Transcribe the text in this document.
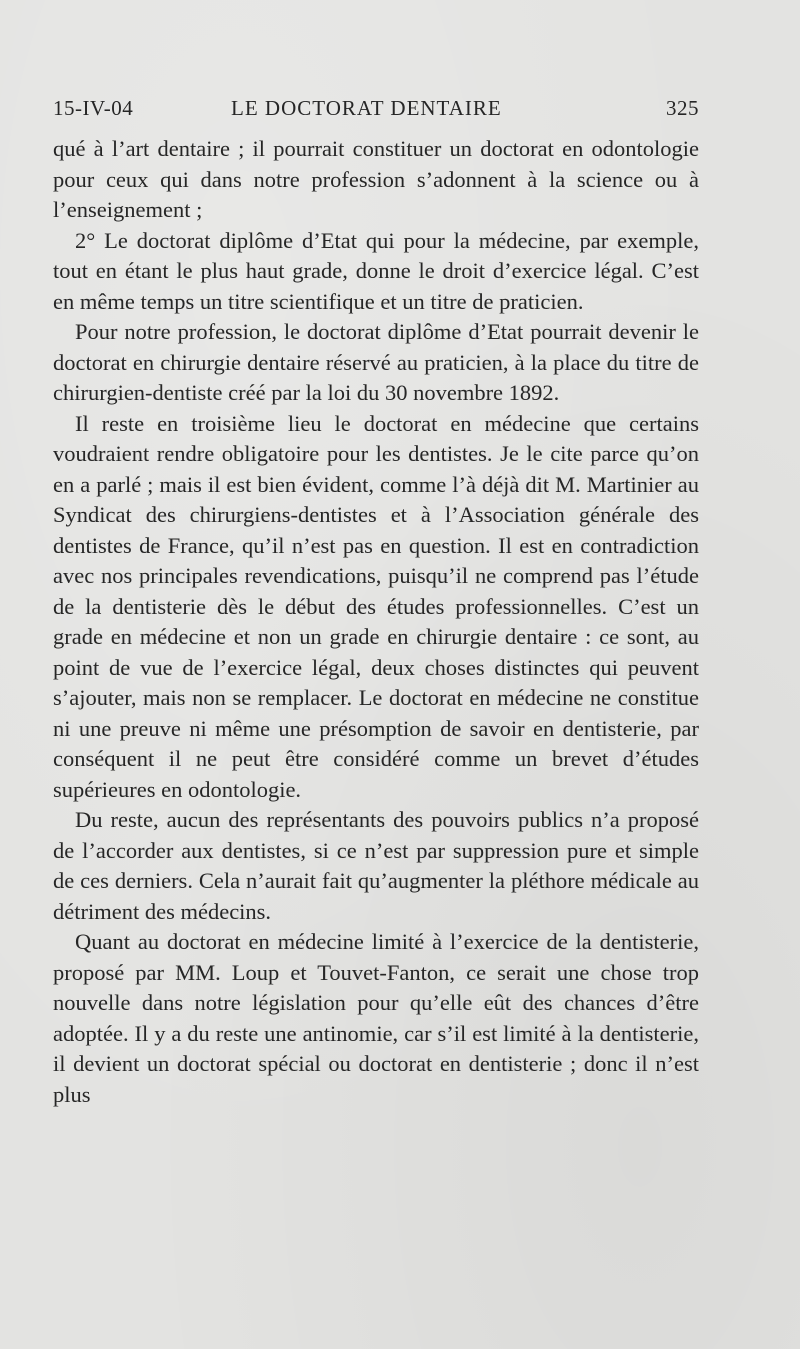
15-IV-04	LE DOCTORAT DENTAIRE	325

qué à l’art dentaire ; il pourrait constituer un doctorat en odontologie pour ceux qui dans notre profession s’adonnent à la science ou à l’enseignement ;

2° Le doctorat diplôme d’Etat qui pour la médecine, par exemple, tout en étant le plus haut grade, donne le droit d’exercice légal. C’est en même temps un titre scientifique et un titre de praticien.

Pour notre profession, le doctorat diplôme d’Etat pourrait devenir le doctorat en chirurgie dentaire réservé au praticien, à la place du titre de chirurgien-dentiste créé par la loi du 30 novembre 1892.

Il reste en troisième lieu le doctorat en médecine que certains voudraient rendre obligatoire pour les dentistes. Je le cite parce qu’on en a parlé ; mais il est bien évident, comme l’à déjà dit M. Martinier au Syndicat des chirurgiens-dentistes et à l’Association générale des dentistes de France, qu’il n’est pas en question. Il est en contradiction avec nos principales revendications, puisqu’il ne comprend pas l’étude de la dentisterie dès le début des études professionnelles. C’est un grade en médecine et non un grade en chirurgie dentaire : ce sont, au point de vue de l’exercice légal, deux choses distinctes qui peuvent s’ajouter, mais non se remplacer. Le doctorat en médecine ne constitue ni une preuve ni même une présomption de savoir en dentisterie, par conséquent il ne peut être considéré comme un brevet d’études supérieures en odontologie.

Du reste, aucun des représentants des pouvoirs publics n’a proposé de l’accorder aux dentistes, si ce n’est par suppression pure et simple de ces derniers. Cela n’aurait fait qu’augmenter la pléthore médicale au détriment des médecins.

Quant au doctorat en médecine limité à l’exercice de la dentisterie, proposé par MM. Loup et Touvet-Fanton, ce serait une chose trop nouvelle dans notre législation pour qu’elle eût des chances d’être adoptée. Il y a du reste une antinomie, car s’il est limité à la dentisterie, il devient un doctorat spécial ou doctorat en dentisterie ; donc il n’est plus
